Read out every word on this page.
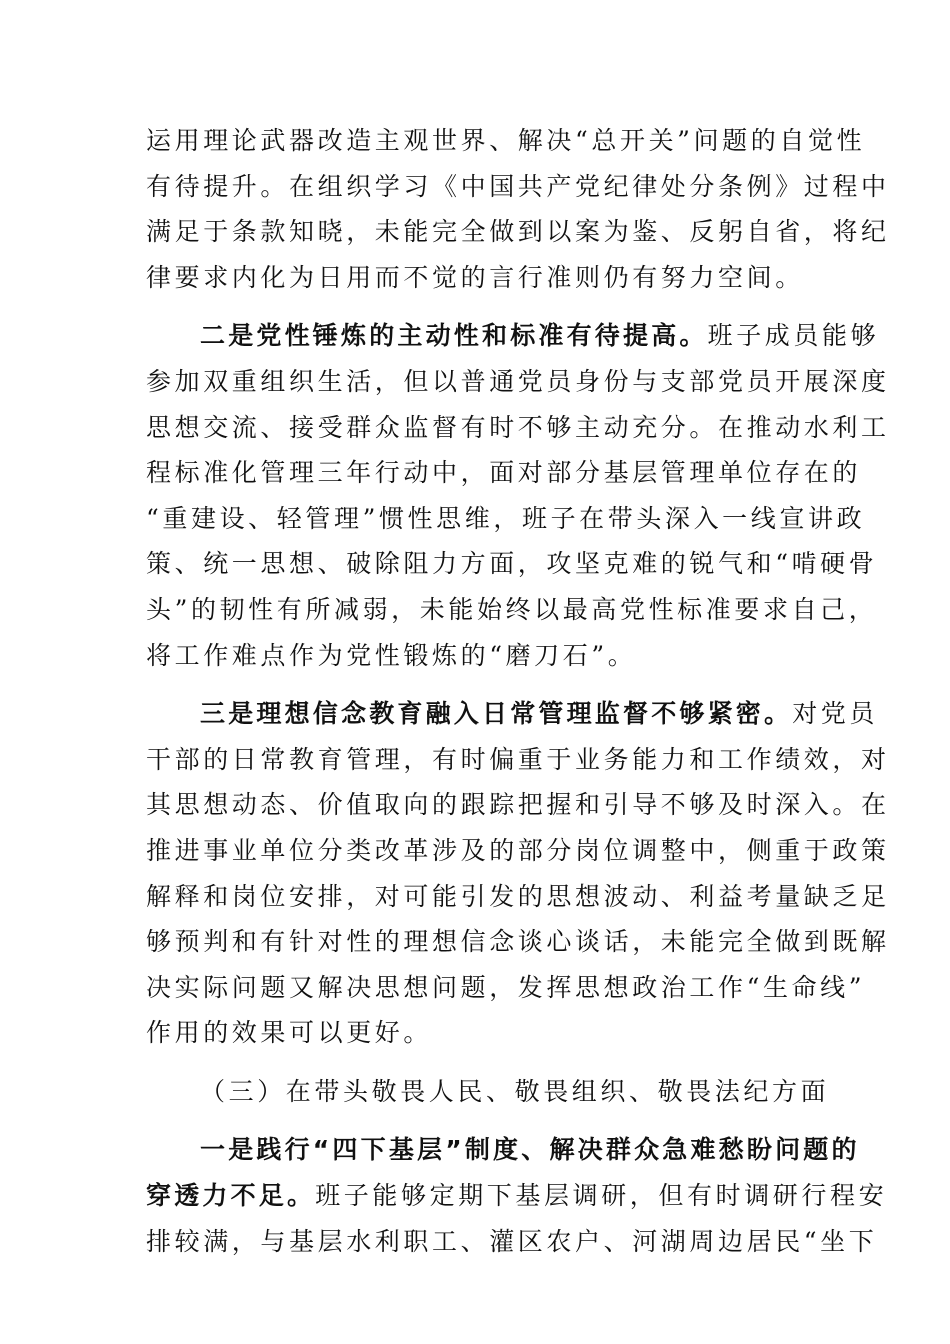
运用理论武器改造主观世界、解决“总开关”问题的自觉性
有待提升。在组织学习《中国共产党纪律处分条例》过程中
满足于条款知晓，未能完全做到以案为鉴、反躬自省，将纪
律要求内化为日用而不觉的言行准则仍有努力空间。
二是党性锤炼的主动性和标准有待提高。班子成员能够
参加双重组织生活，但以普通党员身份与支部党员开展深度
思想交流、接受群众监督有时不够主动充分。在推动水利工
程标准化管理三年行动中，面对部分基层管理单位存在的
“重建设、轻管理”惯性思维，班子在带头深入一线宣讲政
策、统一思想、破除阻力方面，攻坚克难的锐气和“啃硬骨
头”的韧性有所减弱，未能始终以最高党性标准要求自己，
将工作难点作为党性锻炼的“磨刀石”。
三是理想信念教育融入日常管理监督不够紧密。对党员
干部的日常教育管理，有时偏重于业务能力和工作绩效，对
其思想动态、价值取向的跟踪把握和引导不够及时深入。在
推进事业单位分类改革涉及的部分岗位调整中，侧重于政策
解释和岗位安排，对可能引发的思想波动、利益考量缺乏足
够预判和有针对性的理想信念谈心谈话，未能完全做到既解
决实际问题又解决思想问题，发挥思想政治工作“生命线”
作用的效果可以更好。
（三）在带头敬畏人民、敬畏组织、敬畏法纪方面
一是践行“四下基层”制度、解决群众急难愁盼问题的
穿透力不足。班子能够定期下基层调研，但有时调研行程安
排较满，与基层水利职工、灌区农户、河湖周边居民“坐下
